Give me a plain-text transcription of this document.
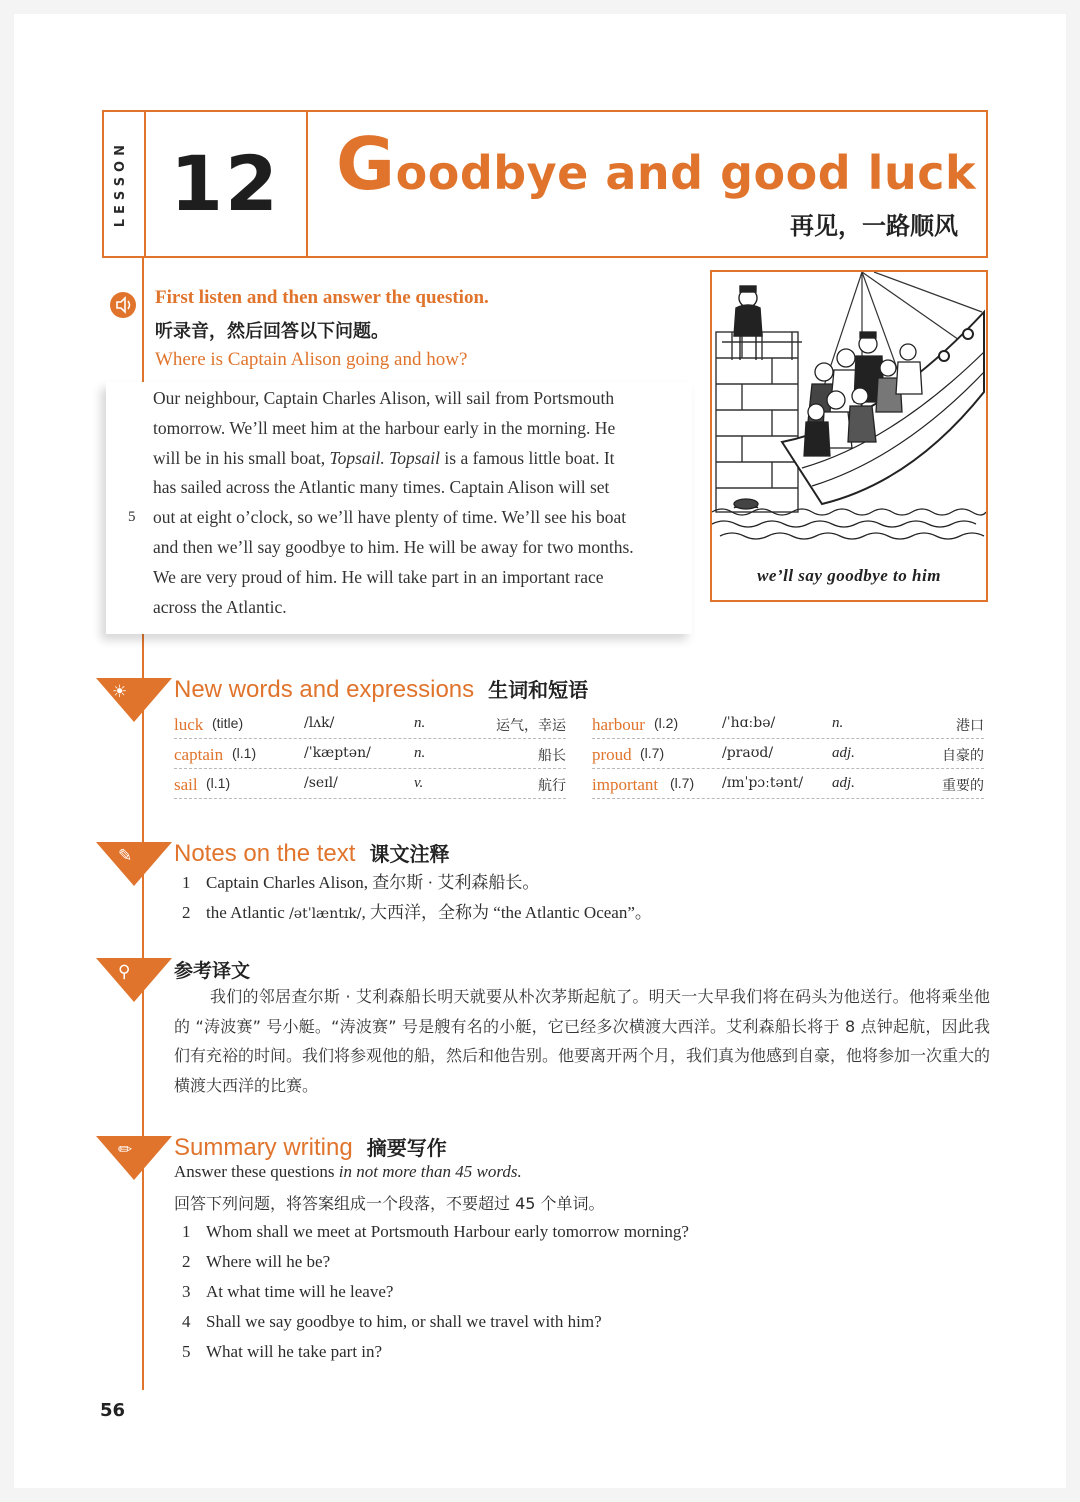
LESSON 12 Goodbye and good luck
再见，一路顺风
First listen and then answer the question.
听录音，然后回答以下问题。
Where is Captain Alison going and how?
Our neighbour, Captain Charles Alison, will sail from Portsmouth
tomorrow. We’ll meet him at the harbour early in the morning. He
will be in his small boat, Topsail. Topsail is a famous little boat. It
has sailed across the Atlantic many times. Captain Alison will set
5 out at eight o’clock, so we’ll have plenty of time. We’ll see his boat
and then we’ll say goodbye to him. He will be away for two months.
We are very proud of him. He will take part in an important race
across the Atlantic.
we’ll say goodbye to him
☀ New words and expressions 生词和短语
luck (title)	/lʌk/	n.	运气，幸运
captain (l.1)	/ˈkæptən/	n.	船长
sail (l.1)	/seɪl/	v.	航行
harbour (l.2)	/ˈhɑːbə/	n.	港口
proud (l.7)	/praʊd/	adj.	自豪的
important (l.7) /ɪmˈpɔːtənt/ adj.	重要的
✎ Notes on the text 课文注释
1 Captain Charles Alison, 查尔斯 · 艾利森船长。
2 the Atlantic /ətˈlæntɪk/, 大西洋，全称为 “the Atlantic Ocean”。
⚲ 参考译文
我们的邻居查尔斯 · 艾利森船长明天就要从朴次茅斯起航了。明天一大早我们将在码头为他送行。他将乘坐他的 “涛波赛” 号小艇。“涛波赛” 号是艘有名的小艇，它已经多次横渡大西洋。艾利森船长将于 8 点钟起航，因此我们有充裕的时间。我们将参观他的船，然后和他告别。他要离开两个月，我们真为他感到自豪，他将参加一次重大的横渡大西洋的比赛。
✏ Summary writing 摘要写作
Answer these questions in not more than 45 words.
回答下列问题，将答案组成一个段落，不要超过 45 个单词。
1 Whom shall we meet at Portsmouth Harbour early tomorrow morning?
2 Where will he be?
3 At what time will he leave?
4 Shall we say goodbye to him, or shall we travel with him?
5 What will he take part in?
56
